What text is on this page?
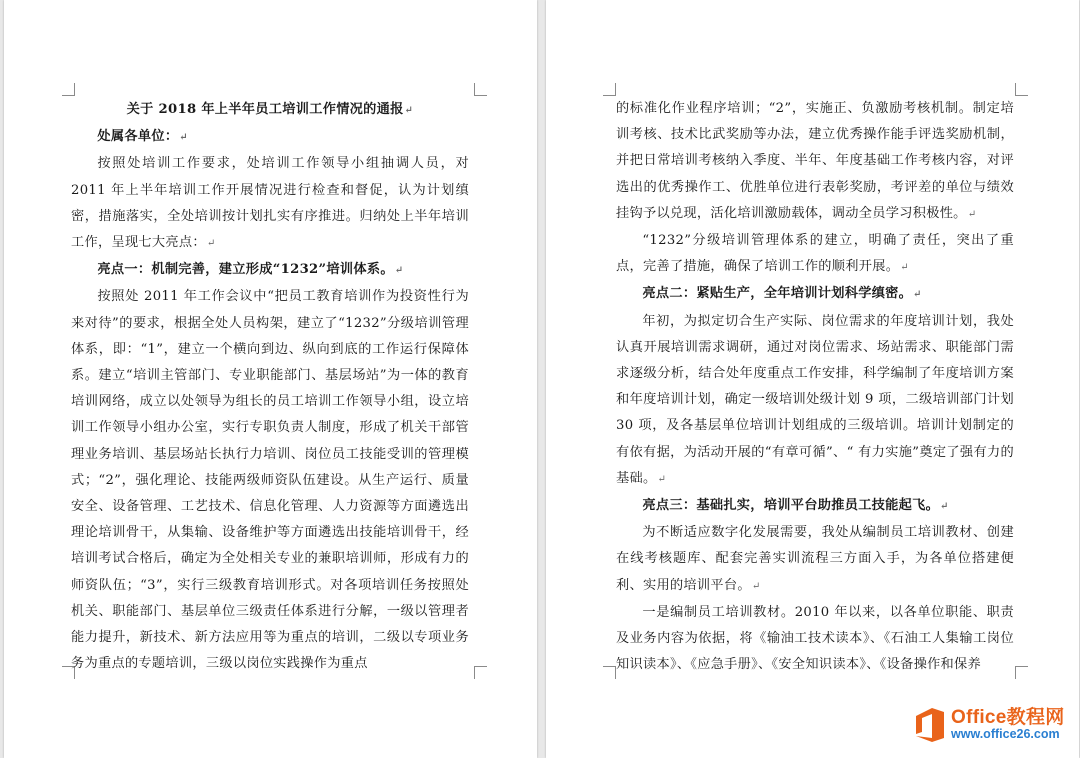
关于 2018 年上半年员工培训工作情况的通报↵

处属各单位：↵

按照处培训工作要求，处培训工作领导小组抽调人员，对 2011 年上半年培训工作开展情况进行检查和督促，认为计划缜密，措施落实，全处培训按计划扎实有序推进。归纳处上半年培训工作，呈现七大亮点：↵

亮点一：机制完善，建立形成“1232”培训体系。↵

按照处 2011 年工作会议中“把员工教育培训作为投资性行为来对待”的要求，根据全处人员构架，建立了“1232”分级培训管理体系，即：“1”，建立一个横向到边、纵向到底的工作运行保障体系。建立“培训主管部门、专业职能部门、基层场站”为一体的教育培训网络，成立以处领导为组长的员工培训工作领导小组，设立培训工作领导小组办公室，实行专职负责人制度，形成了机关干部管理业务培训、基层场站长执行力培训、岗位员工技能受训的管理模式；“2”，强化理论、技能两级师资队伍建设。从生产运行、质量安全、设备管理、工艺技术、信息化管理、人力资源等方面遴选出理论培训骨干，从集输、设备维护等方面遴选出技能培训骨干，经培训考试合格后，确定为全处相关专业的兼职培训师，形成有力的师资队伍；“3”，实行三级教育培训形式。对各项培训任务按照处机关、职能部门、基层单位三级责任体系进行分解，一级以管理者能力提升，新技术、新方法应用等为重点的培训，二级以专项业务务为重点的专题培训，三级以岗位实践操作为重点

的标准化作业程序培训；“2”，实施正、负激励考核机制。制定培训考核、技术比武奖励等办法，建立优秀操作能手评选奖励机制，并把日常培训考核纳入季度、半年、年度基础工作考核内容，对评选出的优秀操作工、优胜单位进行表彰奖励，考评差的单位与绩效挂钩予以兑现，活化培训激励载体，调动全员学习积极性。↵

“1232”分级培训管理体系的建立，明确了责任，突出了重点，完善了措施，确保了培训工作的顺利开展。↵

亮点二：紧贴生产，全年培训计划科学缜密。↵

年初，为拟定切合生产实际、岗位需求的年度培训计划，我处认真开展培训需求调研，通过对岗位需求、场站需求、职能部门需求逐级分析，结合处年度重点工作安排，科学编制了年度培训方案和年度培训计划，确定一级培训处级计划 9 项，二级培训部门计划 30 项，及各基层单位培训计划组成的三级培训。培训计划制定的有依有据，为活动开展的“有章可循”、“ 有力实施”奠定了强有力的基础。↵

亮点三：基础扎实，培训平台助推员工技能起飞。↵

为不断适应数字化发展需要，我处从编制员工培训教材、创建在线考核题库、配套完善实训流程三方面入手，为各单位搭建便利、实用的培训平台。↵

一是编制员工培训教材。2010 年以来，以各单位职能、职责及业务内容为依据，将《输油工技术读本》、《石油工人集输工岗位知识读本》、《应急手册》、《安全知识读本》、《设备操作和保养

Office教程网
www.office26.com
